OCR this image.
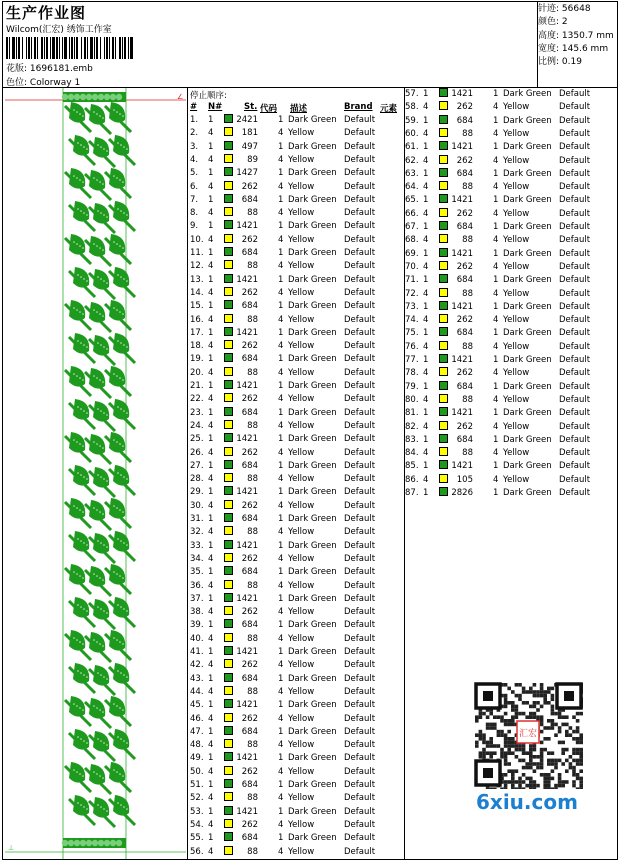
生产作业图
Wilcom(汇宏) 绣饰工作室
花版: 1696181.emb
色位: Colorway 1
针迹: 56648
颜色: 2
高度: 1350.7 mm
宽度: 145.6 mm
比例: 0.19
∠
⊥
停止顺序:
# N#	St. 代码 描述	Brand 元素
1. 1	2421 1 Dark Green Default
2. 4	181 4 Yellow	Default
3. 1	497 1 Dark Green Default
4. 4	89 4 Yellow	Default
5. 1	1427 1 Dark Green Default
6. 4	262 4 Yellow	Default
7. 1	684 1 Dark Green Default
8. 4	88 4 Yellow	Default
9. 1	1421 1 Dark Green Default
10. 4	262 4 Yellow	Default
11. 1	684 1 Dark Green Default
12. 4	88 4 Yellow	Default
13. 1	1421 1 Dark Green Default
14. 4	262 4 Yellow	Default
15. 1	684 1 Dark Green Default
16. 4	88 4 Yellow	Default
17. 1	1421 1 Dark Green Default
18. 4	262 4 Yellow	Default
19. 1	684 1 Dark Green Default
20. 4	88 4 Yellow	Default
21. 1	1421 1 Dark Green Default
22. 4	262 4 Yellow	Default
23. 1	684 1 Dark Green Default
24. 4	88 4 Yellow	Default
25. 1	1421 1 Dark Green Default
26. 4	262 4 Yellow	Default
27. 1	684 1 Dark Green Default
28. 4	88 4 Yellow	Default
29. 1	1421 1 Dark Green Default
30. 4	262 4 Yellow	Default
31. 1	684 1 Dark Green Default
32. 4	88 4 Yellow	Default
33. 1	1421 1 Dark Green Default
34. 4	262 4 Yellow	Default
35. 1	684 1 Dark Green Default
36. 4	88 4 Yellow	Default
37. 1	1421 1 Dark Green Default
38. 4	262 4 Yellow	Default
39. 1	684 1 Dark Green Default
40. 4	88 4 Yellow	Default
41. 1	1421 1 Dark Green Default
42. 4	262 4 Yellow	Default
43. 1	684 1 Dark Green Default
44. 4	88 4 Yellow	Default
45. 1	1421 1 Dark Green Default
46. 4	262 4 Yellow	Default
47. 1	684 1 Dark Green Default
48. 4	88 4 Yellow	Default
49. 1	1421 1 Dark Green Default
50. 4	262 4 Yellow	Default
51. 1	684 1 Dark Green Default
52. 4	88 4 Yellow	Default
53. 1	1421 1 Dark Green Default
54. 4	262 4 Yellow	Default
55. 1	684 1 Dark Green Default
56. 4	88 4 Yellow	Default
57. 1	1421 1 Dark Green Default
58. 4	262 4 Yellow	Default
59. 1	684 1 Dark Green Default
60. 4	88 4 Yellow	Default
61. 1	1421 1 Dark Green Default
62. 4	262 4 Yellow	Default
63. 1	684 1 Dark Green Default
64. 4	88 4 Yellow	Default
65. 1	1421 1 Dark Green Default
66. 4	262 4 Yellow	Default
67. 1	684 1 Dark Green Default
68. 4	88 4 Yellow	Default
69. 1	1421 1 Dark Green Default
70. 4	262 4 Yellow	Default
71. 1	684 1 Dark Green Default
72. 4	88 4 Yellow	Default
73. 1	1421 1 Dark Green Default
74. 4	262 4 Yellow	Default
75. 1	684 1 Dark Green Default
76. 4	88 4 Yellow	Default
77. 1	1421 1 Dark Green Default
78. 4	262 4 Yellow	Default
79. 1	684 1 Dark Green Default
80. 4	88 4 Yellow	Default
81. 1	1421 1 Dark Green Default
82. 4	262 4 Yellow	Default
83. 1	684 1 Dark Green Default
84. 4	88 4 Yellow	Default
85. 1	1421 1 Dark Green Default
86. 4	105 4 Yellow	Default
87. 1	2826 1 Dark Green Default
汇宏
6xiu.com
